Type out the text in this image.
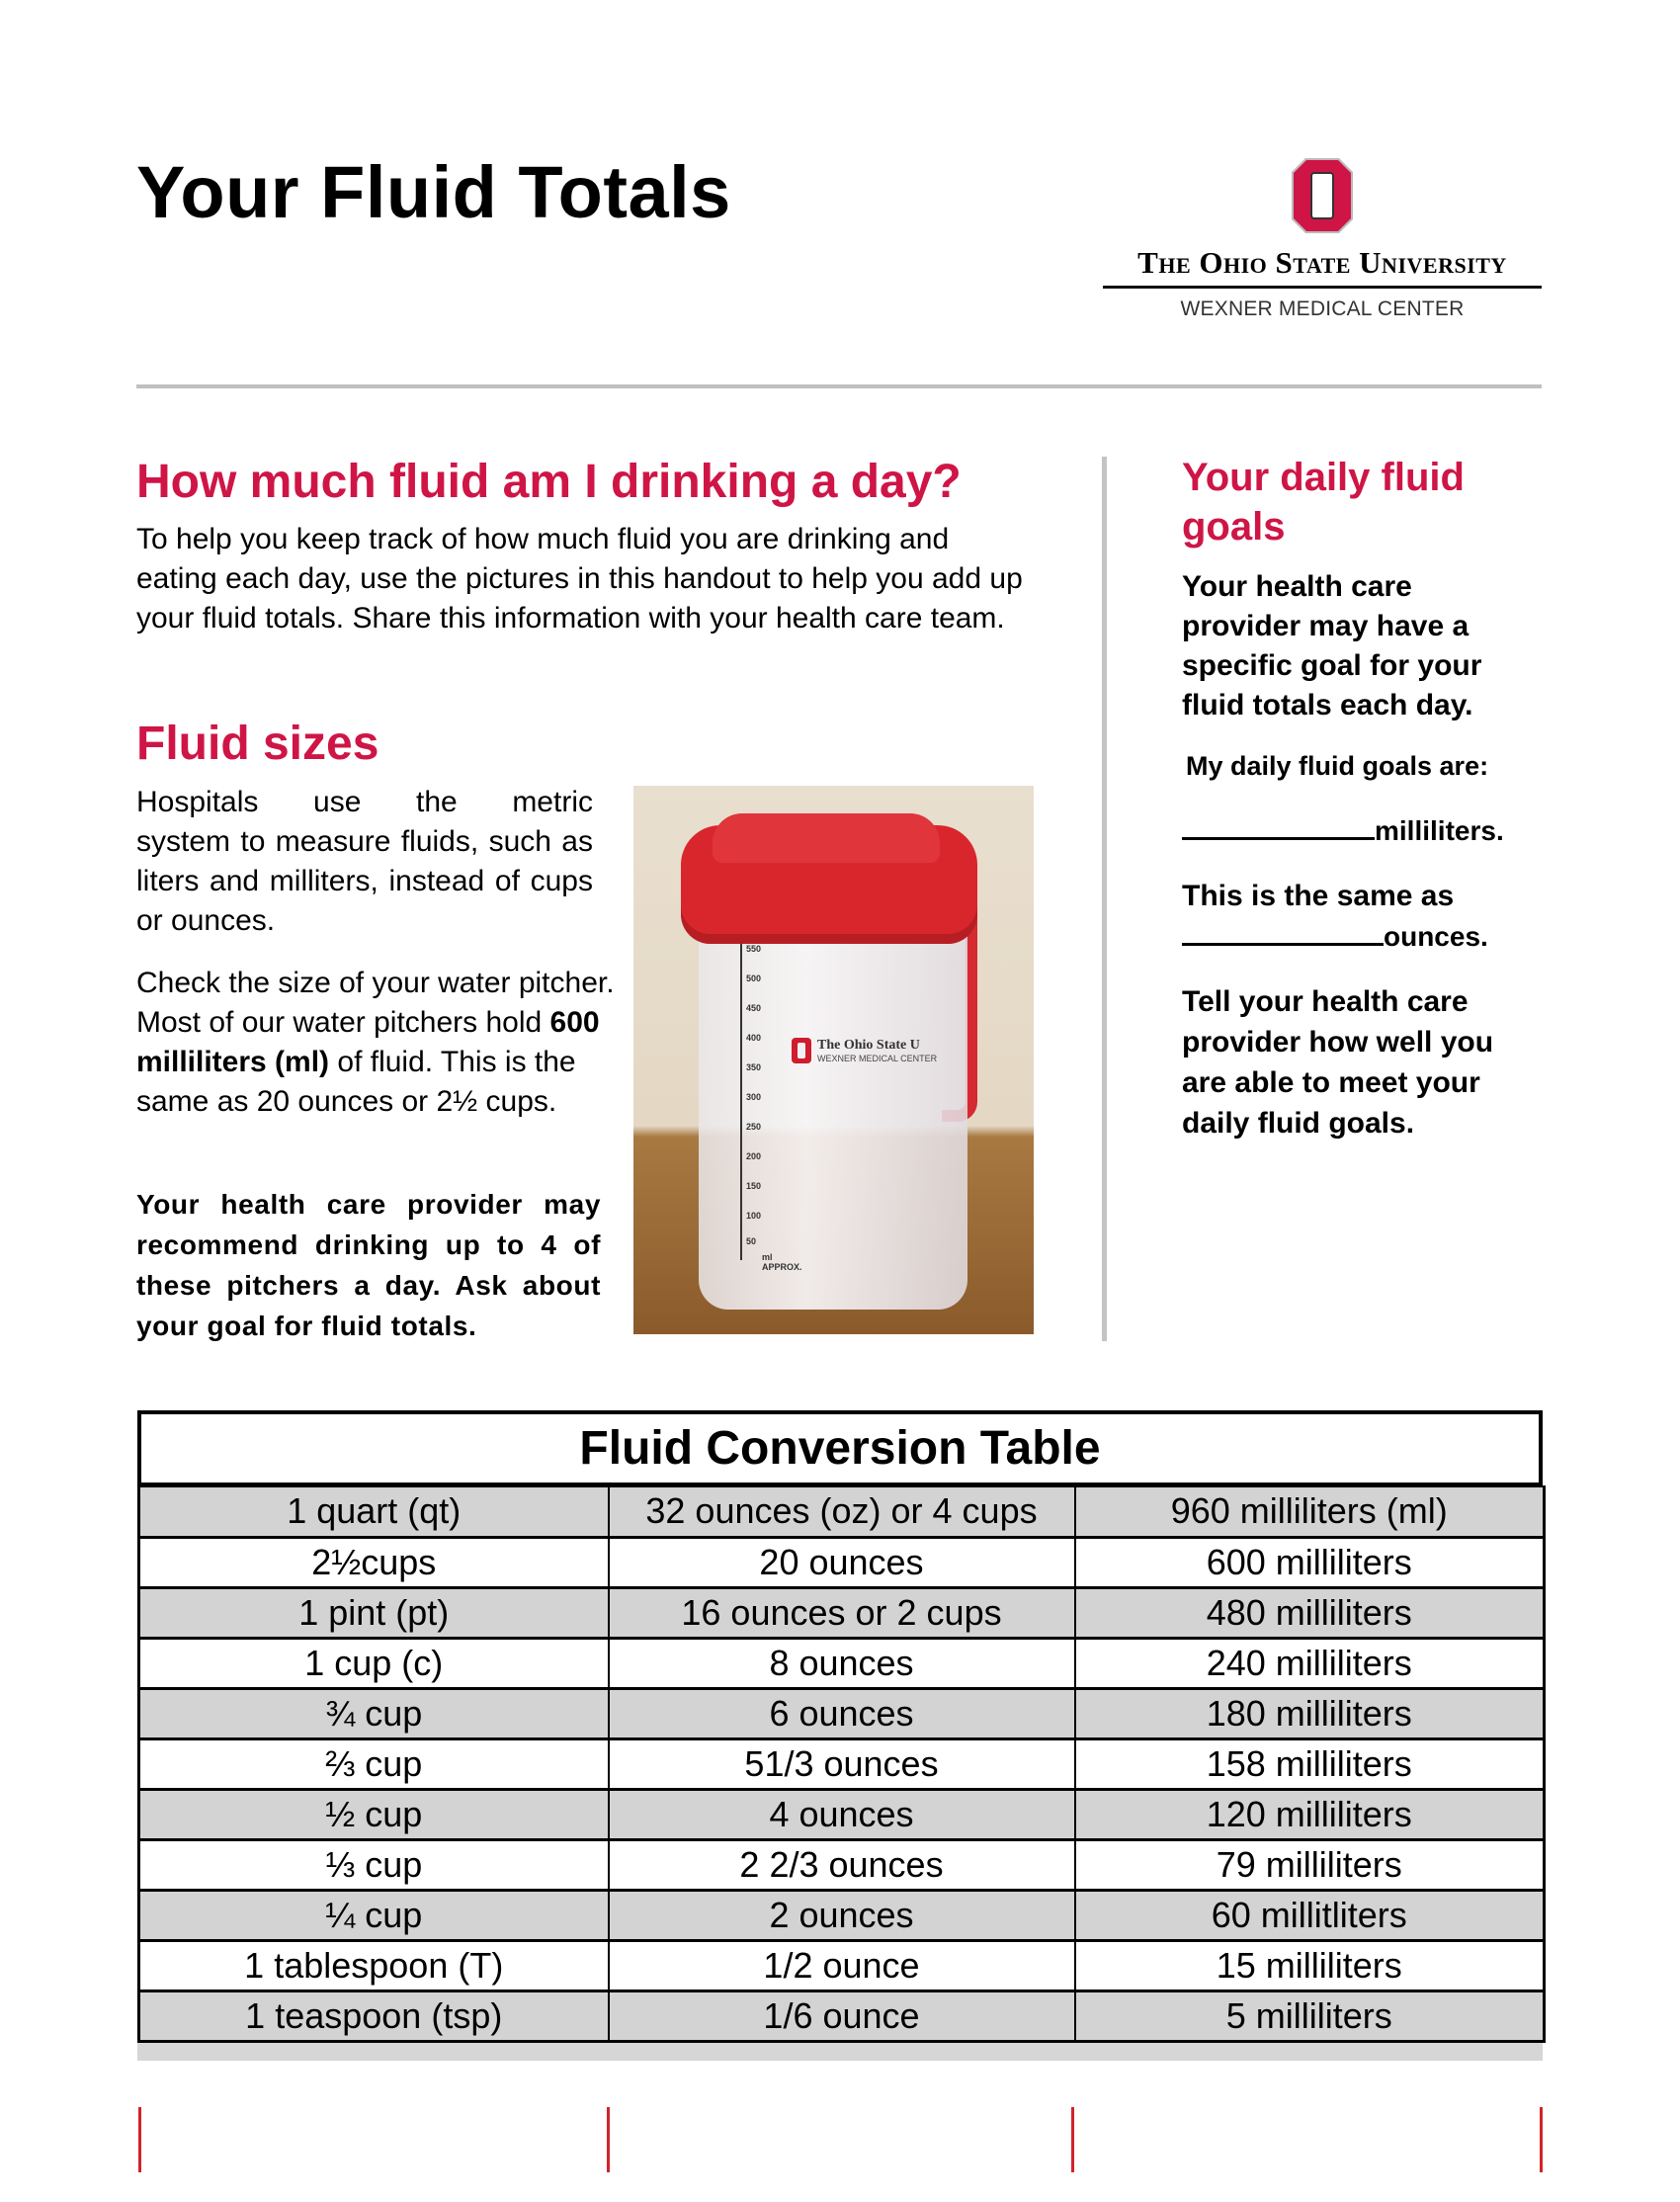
Your Fluid Totals
The Ohio State University
WEXNER MEDICAL CENTER
How much fluid am I drinking a day?

To help you keep track of how much fluid you are drinking and eating each day, use the pictures in this handout to help you add up your fluid totals. Share this information with your health care team.

Fluid sizes

Hospitals use the metric
system to measure fluids, such as liters and milliters, instead of cups or ounces.

Check the size of your water pitcher. Most of our water pitchers hold 600 milliliters (ml) of fluid. This is the same as 20 ounces or 2½ cups.

Your health care provider may recommend drinking up to 4 of these pitchers a day. Ask about your goal for fluid totals.

550
500
450
400
350
300
250
200
150
100
50
ml APPROX.
The Ohio State U
WEXNER MEDICAL CENTER
Your daily fluid goals

Your health care provider may have a specific goal for your fluid totals each day.

My daily fluid goals are:

milliliters.

This is the same as

ounces.

Tell your health care provider how well you are able to meet your daily fluid goals.

Fluid Conversion Table
1 quart (qt)	32 ounces (oz) or 4 cups	960 milliliters (ml)
2½cups	20 ounces	600 milliliters
1 pint (pt)	16 ounces or 2 cups	480 milliliters
1 cup (c)	8 ounces	240 milliliters
¾ cup	6 ounces	180 milliliters
⅔ cup	51/3 ounces	158 milliliters
½ cup	4 ounces	120 milliliters
⅓ cup	2 2/3 ounces	79 milliliters
¼ cup	2 ounces	60 millitliters
1 tablespoon (T)	1/2 ounce	15 milliliters
1 teaspoon (tsp)	1/6 ounce	5 milliliters
